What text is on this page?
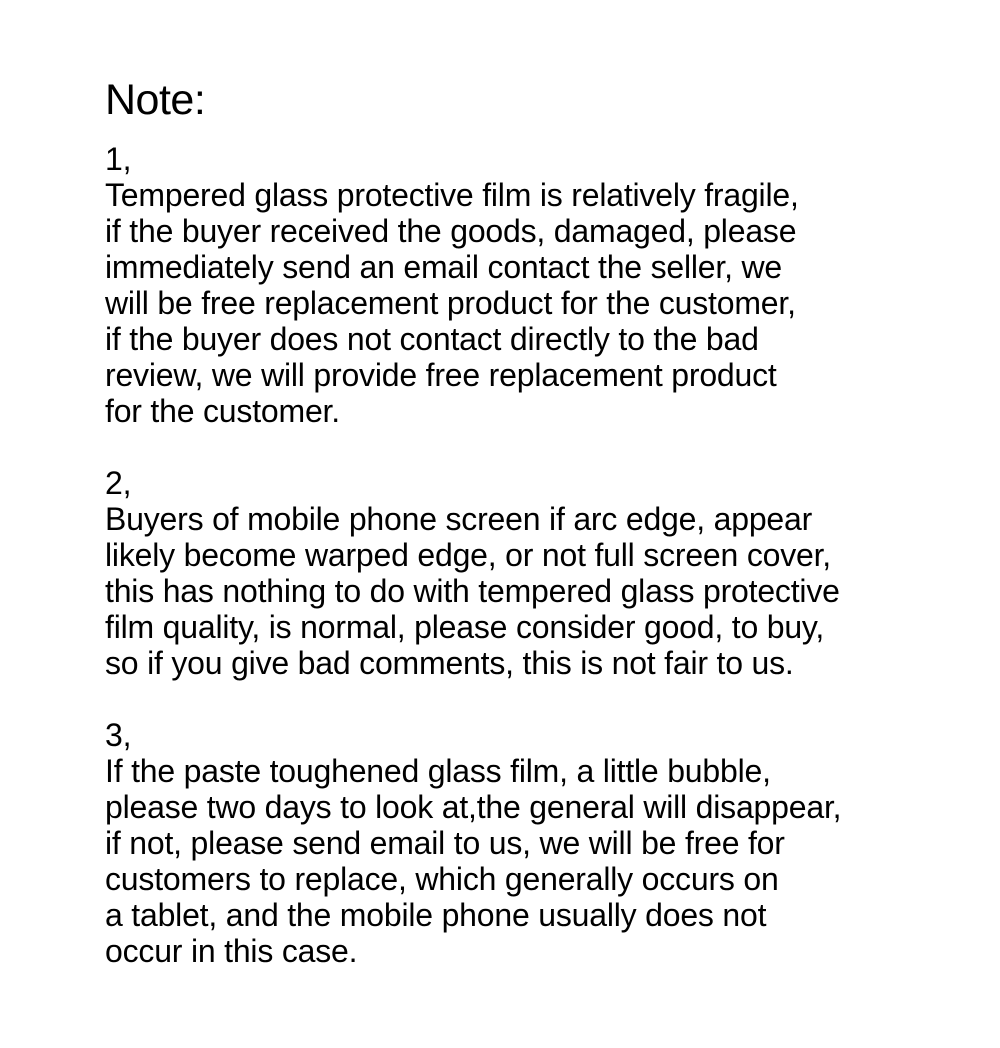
Note:
1,
Tempered glass protective film is relatively fragile,
if the buyer received the goods, damaged, please
immediately send an email contact the seller, we
will be free replacement product for the customer,
if the buyer does not contact directly to the bad
review, we will provide free replacement product
for the customer.
2,
Buyers of mobile phone screen if arc edge, appear
likely become warped edge, or not full screen cover,
this has nothing to do with tempered glass protective
film quality, is normal, please consider good, to buy,
so if you give bad comments, this is not fair to us.
3,
If the paste toughened glass film, a little bubble,
please two days to look at,the general will disappear,
if not, please send email to us, we will be free for
customers to replace, which generally occurs on
a tablet, and the mobile phone usually does not
occur in this case.
